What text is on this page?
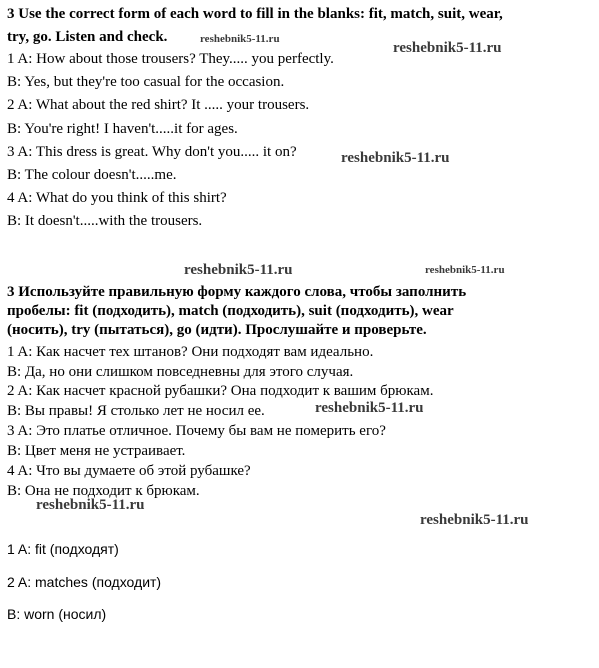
3 Use the correct form of each word to fill in the blanks: fit, match, suit, wear,
try, go. Listen and check.
1 A: How about those trousers? They..... you perfectly.
B: Yes, but they're too casual for the occasion.
2 A: What about the red shirt? It ..... your trousers.
B: You're right! I haven't.....it for ages.
3 A: This dress is great. Why don't you..... it on?
B: The colour doesn't.....me.
4 A: What do you think of this shirt?
B: It doesn't.....with the trousers.
3 Используйте правильную форму каждого слова, чтобы заполнить
пробелы: fit (подходить), match (подходить), suit (подходить), wear
(носить), try (пытаться), go (идти). Прослушайте и проверьте.
1 A: Как насчет тех штанов? Они подходят вам идеально.
B: Да, но они слишком повседневны для этого случая.
2 A: Как насчет красной рубашки? Она подходит к вашим брюкам.
B: Вы правы! Я столько лет не носил ее.
3 A: Это платье отличное. Почему бы вам не померить его?
B: Цвет меня не устраивает.
4 A: Что вы думаете об этой рубашке?
B: Она не подходит к брюкам.
1 A: fit (подходят)
2 A: matches (подходит)
B: worn (носил)
reshebnik5-11.ru
reshebnik5-11.ru
reshebnik5-11.ru
reshebnik5-11.ru	reshebnik5-11.ru
reshebnik5-11.ru
reshebnik5-11.ru
reshebnik5-11.ru
